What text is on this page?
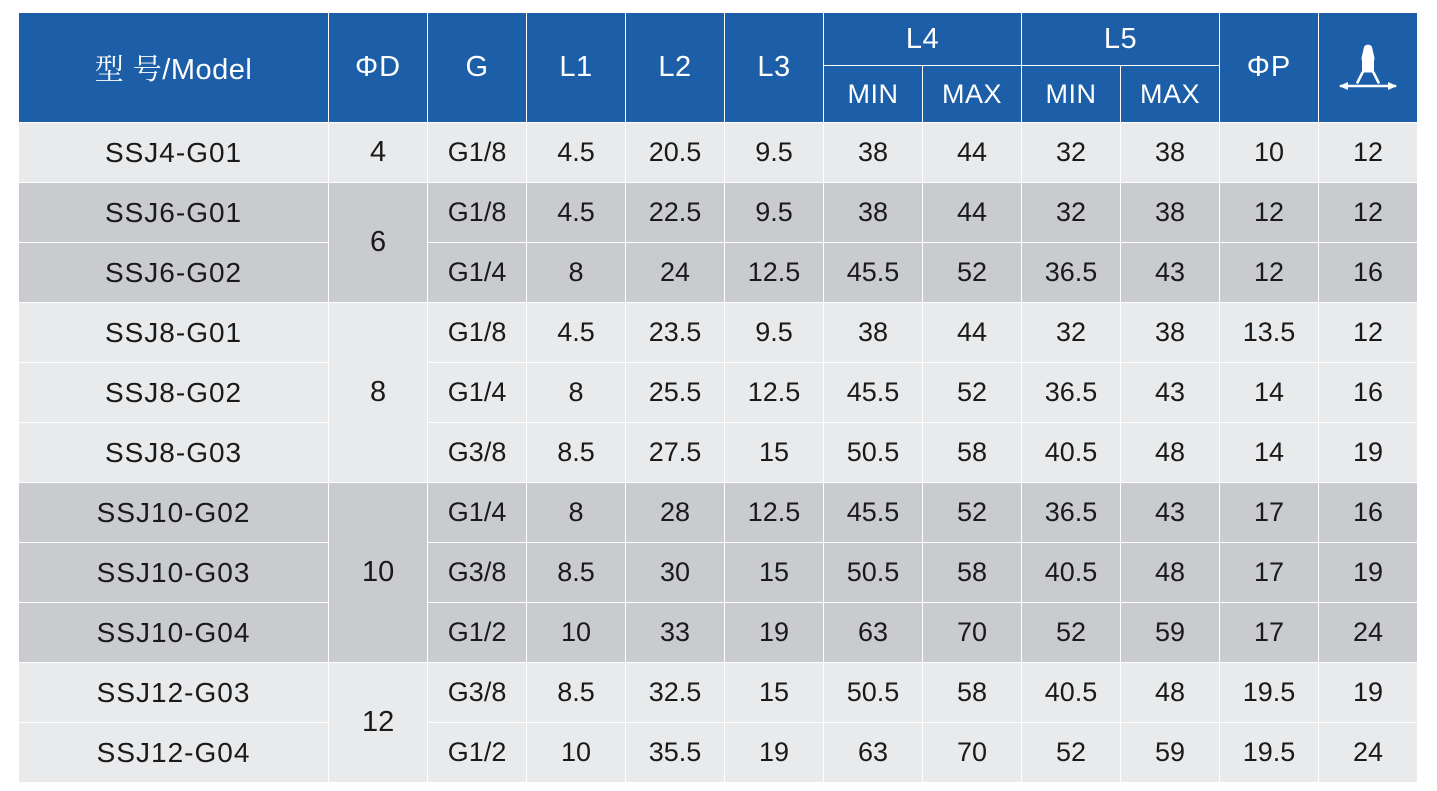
型 号/Model	ΦD	G	L1	L2	L3	L4		L5		ΦP	

						MIN	MAX	MIN	MAX		
SSJ4-G01	4	G1/8	4.5	20.5	9.5	38	44	32	38	10	12
SSJ6-G01	6	G1/8	4.5	22.5	9.5	38	44	32	38	12	12
SSJ6-G02		G1/4	8	24	12.5	45.5	52	36.5	43	12	16
SSJ8-G01	8	G1/8	4.5	23.5	9.5	38	44	32	38	13.5	12
SSJ8-G02		G1/4	8	25.5	12.5	45.5	52	36.5	43	14	16
SSJ8-G03		G3/8	8.5	27.5	15	50.5	58	40.5	48	14	19
SSJ10-G02	10	G1/4	8	28	12.5	45.5	52	36.5	43	17	16
SSJ10-G03		G3/8	8.5	30	15	50.5	58	40.5	48	17	19
SSJ10-G04		G1/2	10	33	19	63	70	52	59	17	24
SSJ12-G03	12	G3/8	8.5	32.5	15	50.5	58	40.5	48	19.5	19
SSJ12-G04		G1/2	10	35.5	19	63	70	52	59	19.5	24
